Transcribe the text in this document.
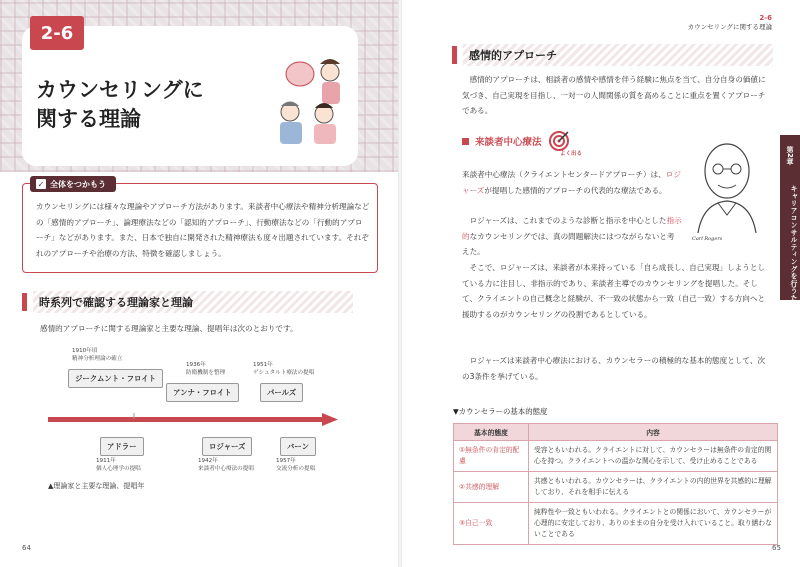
2-6
カウンセリングに
関する理論
✓ 全体をつかもう
カウンセリングには様々な理論やアプローチ方法があります。来談者中心療法や精神分析理論などの「感情的アプローチ」、論理療法などの「認知的アプローチ」、行動療法などの「行動的アプローチ」などがあります。また、日本で独自に開発された精神療法も度々出題されています。それぞれのアプローチや治療の方法、特徴を確認しましょう。
時系列で確認する理論家と理論
感情的アプローチに関する理論家と主要な理論、提唱年は次のとおりです。
1910年頃
精神分析理論の確立
ジークムント・フロイト
1936年
防衛機制を整理
アンナ・フロイト
1951年
ゲシュタルト療法の提唱
パールズ
アドラー
1911年
個人心理学の提唱
ロジャーズ
1942年
来談者中心療法の提唱
バーン
1957年
交流分析の提唱
▲理論家と主要な理論、提唱年
64
2-6
カウンセリングに関する理論
感情的アプローチ
感情的アプローチは、相談者の感情や感情を伴う経験に焦点を当て、自分自身の価値に気づき、自己実現を目指し、一対一の人間関係の質を高めることに重点を置くアプローチである。
来談者中心療法
よく出る
来談者中心療法（クライエントセンタードアプローチ）は、ロジャーズが提唱した感情的アプローチの代表的な療法である。
ロジャーズは、これまでのような診断と指示を中心とした指示的なカウンセリングでは、真の問題解決にはつながらないと考えた。
Carl Rogers
そこで、ロジャーズは、来談者が本来持っている「自ら成長し、自己実現」しようとしている力に注目し、非指示的であり、来談者主導でのカウンセリングを提唱した。そして、クライエントの自己概念と経験が、不一致の状態から一致（自己一致）する方向へと援助するのがカウンセリングの役割であるとしている。
ロジャーズは来談者中心療法における、カウンセラーの積極的な基本的態度として、次の3条件を挙げている。
第2章
キャリアコンサルティングを行うために必要な知識
▼カウンセラーの基本的態度
基本的態度	内容
①無条件の肯定的配慮	受容ともいわれる。クライエントに対して、カウンセラーは無条件の肯定的関心を持つ。クライエントへの温かな関心を示して、受け止めることである
②共感的理解	共感ともいわれる。カウンセラーは、クライエントの内的世界を共感的に理解しており、それを相手に伝える
③自己一致	純粋性や一致ともいわれる。クライエントとの関係において、カウンセラーが心理的に安定しており、ありのままの自分を受け入れていること。取り繕わないことである
65
